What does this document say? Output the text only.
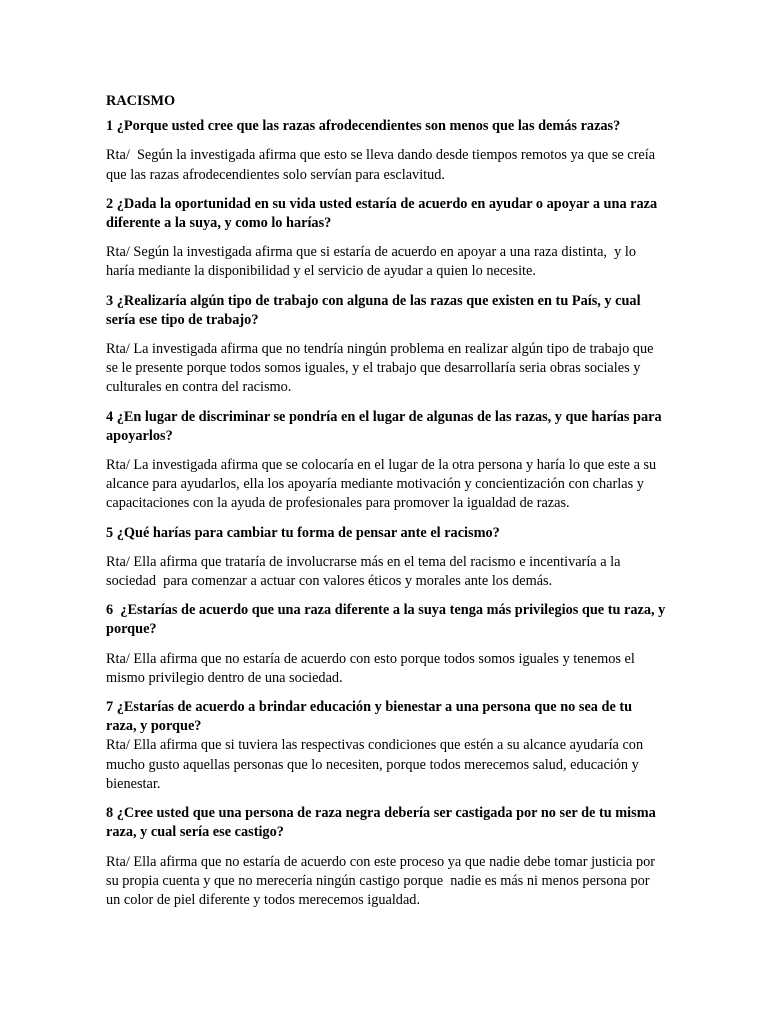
RACISMO

1 ¿Porque usted cree que las razas afrodecendientes son menos que las demás razas?

Rta/  Según la investigada afirma que esto se lleva dando desde tiempos remotos ya que se creía que las razas afrodecendientes solo servían para esclavitud.

2 ¿Dada la oportunidad en su vida usted estaría de acuerdo en ayudar o apoyar a una raza diferente a la suya, y como lo harías?

Rta/ Según la investigada afirma que si estaría de acuerdo en apoyar a una raza distinta,  y lo haría mediante la disponibilidad y el servicio de ayudar a quien lo necesite.

3 ¿Realizaría algún tipo de trabajo con alguna de las razas que existen en tu País, y cual sería ese tipo de trabajo?

Rta/ La investigada afirma que no tendría ningún problema en realizar algún tipo de trabajo que se le presente porque todos somos iguales, y el trabajo que desarrollaría seria obras sociales y culturales en contra del racismo.

4 ¿En lugar de discriminar se pondría en el lugar de algunas de las razas, y que harías para apoyarlos?

Rta/ La investigada afirma que se colocaría en el lugar de la otra persona y haría lo que este a su alcance para ayudarlos, ella los apoyaría mediante motivación y concientización con charlas y capacitaciones con la ayuda de profesionales para promover la igualdad de razas.

5 ¿Qué harías para cambiar tu forma de pensar ante el racismo?

Rta/ Ella afirma que trataría de involucrarse más en el tema del racismo e incentivaría a la sociedad  para comenzar a actuar con valores éticos y morales ante los demás.

6  ¿Estarías de acuerdo que una raza diferente a la suya tenga más privilegios que tu raza, y porque?

Rta/ Ella afirma que no estaría de acuerdo con esto porque todos somos iguales y tenemos el mismo privilegio dentro de una sociedad.

7 ¿Estarías de acuerdo a brindar educación y bienestar a una persona que no sea de tu raza, y porque?

Rta/ Ella afirma que si tuviera las respectivas condiciones que estén a su alcance ayudaría con mucho gusto aquellas personas que lo necesiten, porque todos merecemos salud, educación y bienestar.

8 ¿Cree usted que una persona de raza negra debería ser castigada por no ser de tu misma raza, y cual sería ese castigo?

Rta/ Ella afirma que no estaría de acuerdo con este proceso ya que nadie debe tomar justicia por su propia cuenta y que no merecería ningún castigo porque  nadie es más ni menos persona por un color de piel diferente y todos merecemos igualdad.
